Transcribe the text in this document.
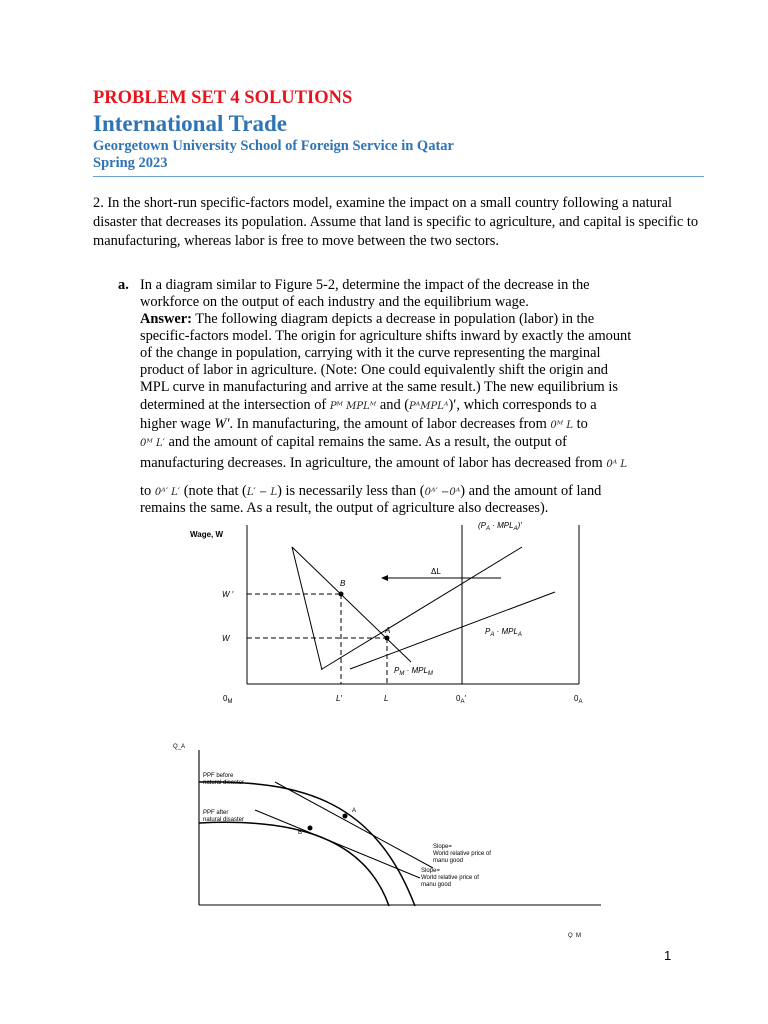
PROBLEM SET 4 SOLUTIONS
International Trade
Georgetown University School of Foreign Service in Qatar
Spring 2023
2. In the short-run specific-factors model, examine the impact on a small country following a natural disaster that decreases its population. Assume that land is specific to agriculture, and capital is specific to manufacturing, whereas labor is free to move between the two sectors.
a. In a diagram similar to Figure 5-2, determine the impact of the decrease in the
workforce on the output of each industry and the equilibrium wage.
Answer: The following diagram depicts a decrease in population (labor) in the
specific-factors model. The origin for agriculture shifts inward by exactly the amount
of the change in population, carrying with it the curve representing the marginal
product of labor in agriculture. (Note: One could equivalently shift the origin and
MPL curve in manufacturing and arrive at the same result.) The new equilibrium is
determined at the intersection of Pᴹ MPLᴹ and (PᴬMPLᴬ)′, which corresponds to a
higher wage W′. In manufacturing, the amount of labor decreases from 0ᴹ L to
0ᴹ L′ and the amount of capital remains the same. As a result, the output of
manufacturing decreases. In agriculture, the amount of labor has decreased from 0ᴬ L
to 0ᴬ′ L′ (note that (L′ − L) is necessarily less than (0ᴬ′ −0ᴬ) and the amount of land
remains the same. As a result, the output of agriculture also decreases).
Wage, W
B
A
W ′
W
ΔL
$(P_A \cdot MPL_A)'$
$P_A \cdot MPL_A$
$P_M \cdot MPL_M$
$0_M$	L′	L	$0_A'$	$0_A$
Q_A
Q_M
A
B
PPF before natural disaster
PPF after natural disaster
Slope= World relative price of manu good
Slope= World relative price of manu good
1
